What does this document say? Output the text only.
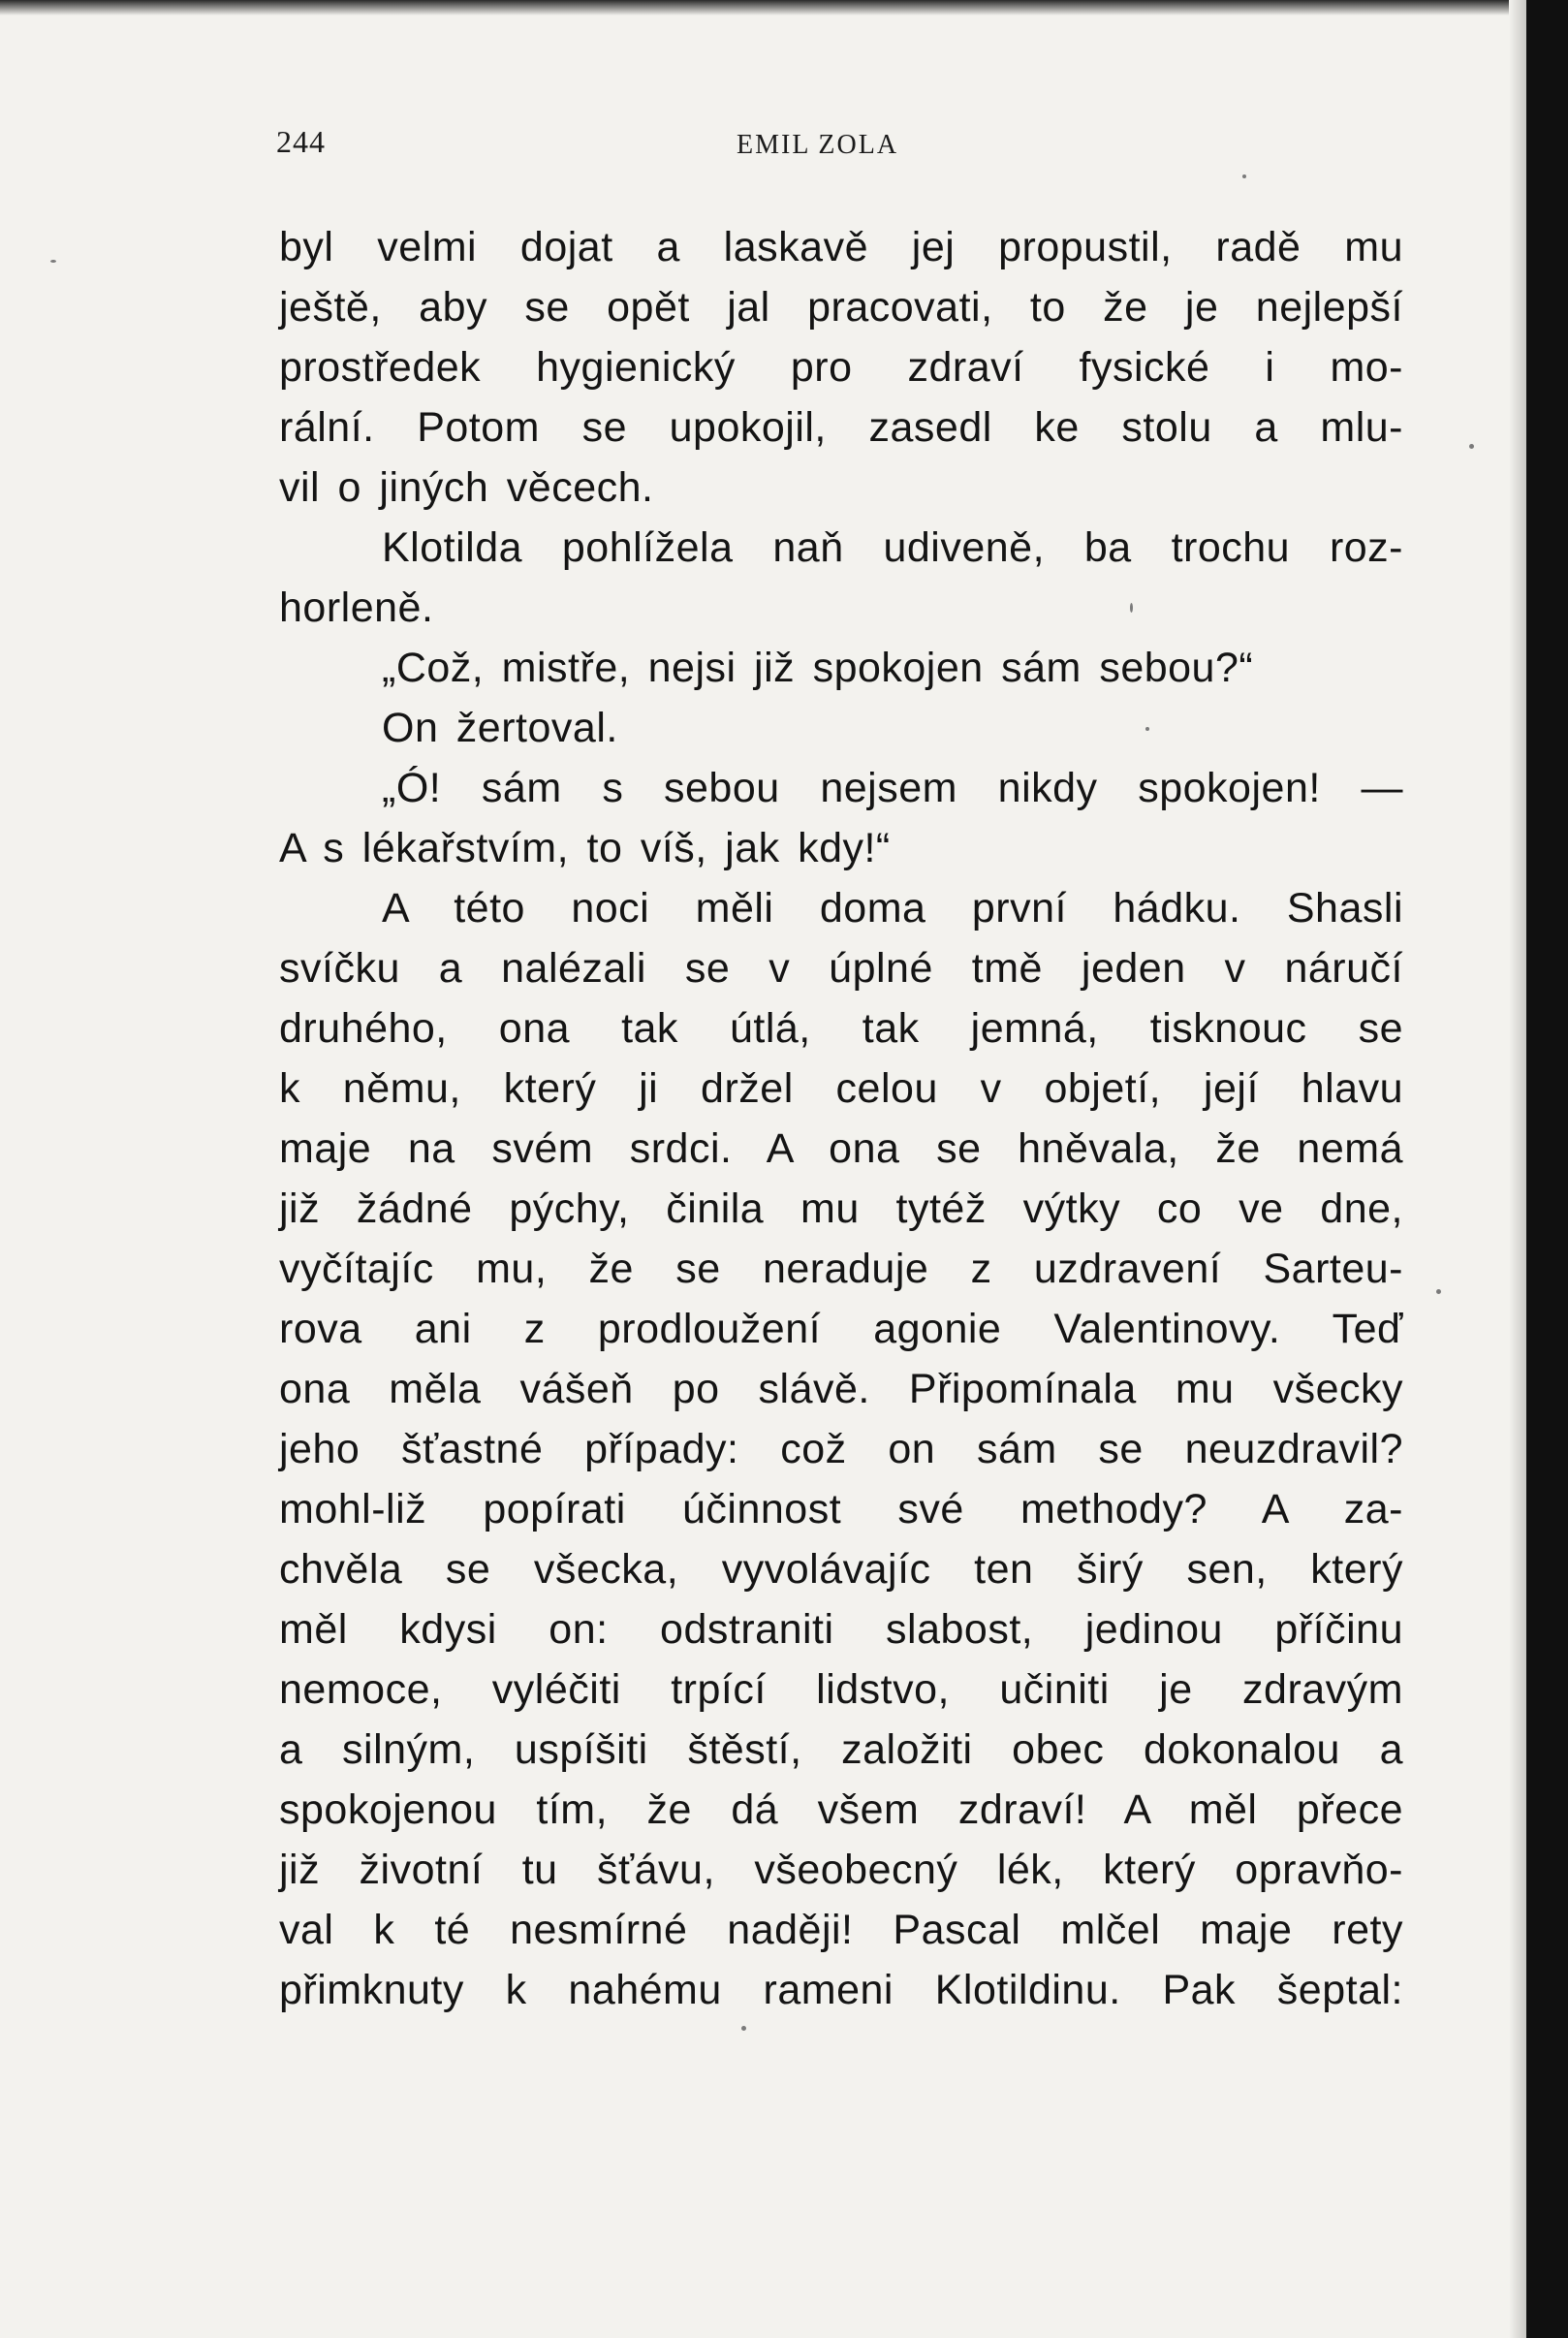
244	EMIL ZOLA
byl velmi dojat a laskavě jej propustil, radě mu
ještě, aby se opět jal pracovati, to že je nejlepší
prostředek hygienický pro zdraví fysické i mo-
rální. Potom se upokojil, zasedl ke stolu a mlu-
vil o jiných věcech.
Klotilda pohlížela naň udiveně, ba trochu roz-
horleně.
„Což, mistře, nejsi již spokojen sám sebou?“
On žertoval.
„Ó! sám s sebou nejsem nikdy spokojen! —
A s lékařstvím, to víš, jak kdy!“
A této noci měli doma první hádku. Shasli
svíčku a nalézali se v úplné tmě jeden v náručí
druhého, ona tak útlá, tak jemná, tisknouc se
k němu, který ji držel celou v objetí, její hlavu
maje na svém srdci. A ona se hněvala, že nemá
již žádné pýchy, činila mu tytéž výtky co ve dne,
vyčítajíc mu, že se neraduje z uzdravení Sarteu-
rova ani z prodloužení agonie Valentinovy. Teď
ona měla vášeň po slávě. Připomínala mu všecky
jeho šťastné případy: což on sám se neuzdravil?
mohl-liž popírati účinnost své methody? A za-
chvěla se všecka, vyvolávajíc ten širý sen, který
měl kdysi on: odstraniti slabost, jedinou příčinu
nemoce, vyléčiti trpící lidstvo, učiniti je zdravým
a silným, uspíšiti štěstí, založiti obec dokonalou a
spokojenou tím, že dá všem zdraví! A měl přece
již životní tu šťávu, všeobecný lék, který opravňo-
val k té nesmírné naději! Pascal mlčel maje rety
přimknuty k nahému rameni Klotildinu. Pak šeptal:
